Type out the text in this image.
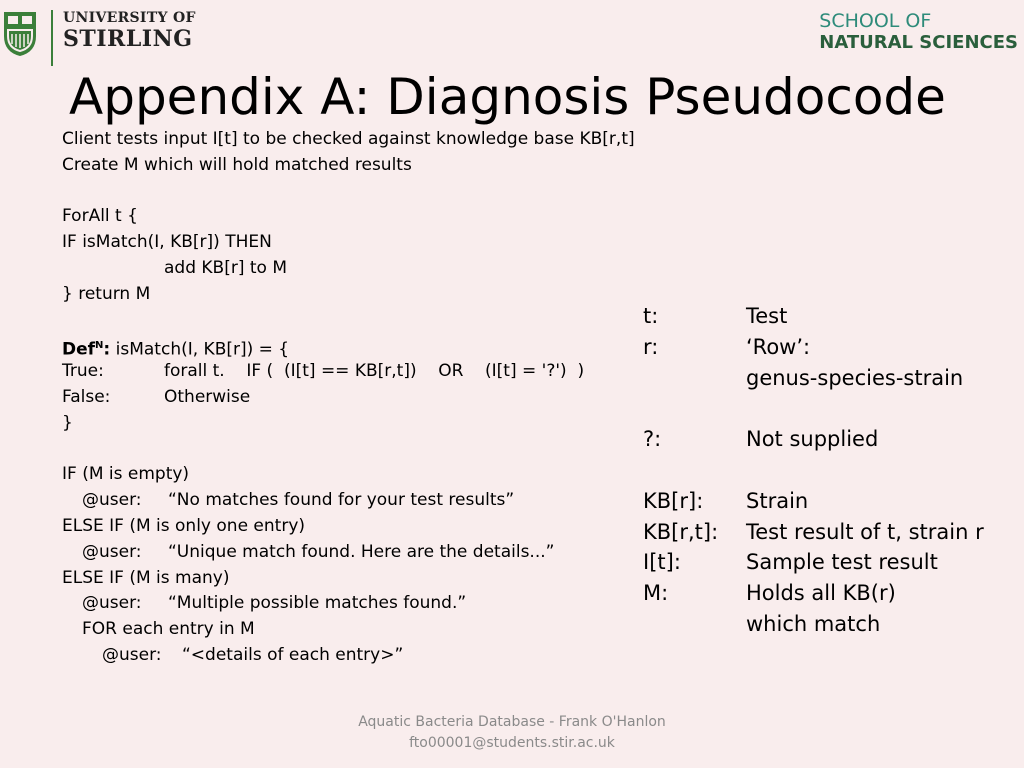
UNIVERSITY OF
STIRLING
SCHOOL OF
NATURAL SCIENCES
Appendix A: Diagnosis Pseudocode
Client tests input I[t] to be checked against knowledge base KB[r,t]
Create M which will hold matched results
ForAll t {
IF isMatch(I, KB[r]) THEN
add KB[r] to M
} return M
Def$^N$: isMatch(I, KB[r]) = {
True:	forall t.    IF (  (I[t] == KB[r,t])    OR    (I[t] = '?')  )
False:	Otherwise
}
IF (M is empty)
@user: “No matches found for your test results”
ELSE IF (M is only one entry)
@user: “Unique match found. Here are the details...”
ELSE IF (M is many)
@user: “Multiple possible matches found.”
FOR each entry in M
@user: “<details of each entry>”
t:	Test
r:	‘Row’:
genus-species-strain
?:	Not supplied
KB[r]:	Strain
KB[r,t]:	Test result of t, strain r
I[t]:	Sample test result
M:	Holds all KB(r)
which match
Aquatic Bacteria Database - Frank O'Hanlon
fto00001@students.stir.ac.uk
